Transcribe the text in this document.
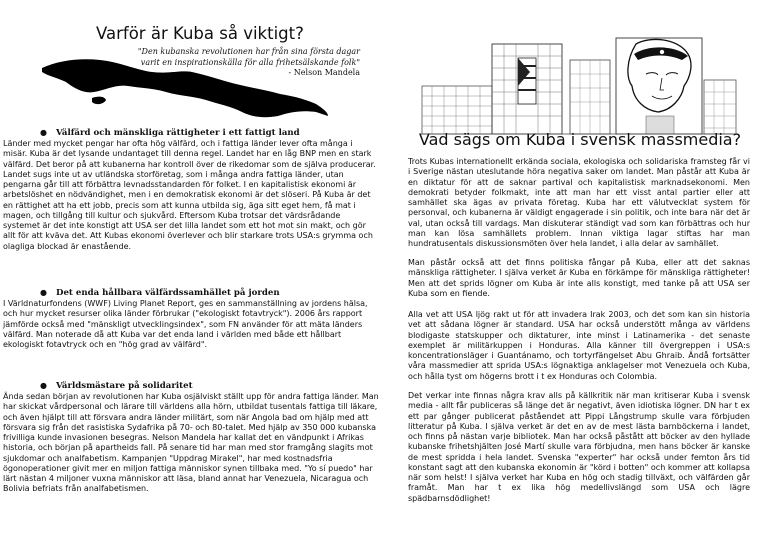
Varför är Kuba så viktigt?
"Den kubanska revolutionen har från sina första dagar varit en inspirationskälla för alla frihetsälskande folk"
- Nelson Mandela
● Välfärd och mänskliga rättigheter i ett fattigt land
Länder med mycket pengar har ofta hög välfärd, och i fattiga länder lever ofta många i misär. Kuba är det lysande undantaget till denna regel. Landet har en låg BNP men en stark välfärd. Det beror på att kubanerna har kontroll över de rikedomar som de själva producerar. Landet sugs inte ut av utländska storföretag, som i många andra fattiga länder, utan pengarna går till att förbättra levnadsstandarden för folket. I en kapitalistisk ekonomi är arbetslöshet en nödvändighet, men i en demokratisk ekonomi är det slöseri. På Kuba är det en rättighet att ha ett jobb, precis som att kunna utbilda sig, äga sitt eget hem, få mat i magen, och tillgång till kultur och sjukvård. Eftersom Kuba trotsar det värdsrådande systemet är det inte konstigt att USA ser det lilla landet som ett hot mot sin makt, och gör allt för att kväva det. Att Kubas ekonomi överlever och blir starkare trots USA:s grymma och olagliga blockad är enastående.
● Det enda hållbara välfärdssamhället på jorden
I Världnaturfondens (WWF) Living Planet Report, ges en sammanställning av jordens hälsa, och hur mycket resurser olika länder förbrukar ("ekologiskt fotavtryck"). 2006 års rapport jämförde också med "mänskligt utvecklingsindex", som FN använder för att mäta länders välfärd. Man noterade då att Kuba var det enda land i världen med både ett hållbart ekologiskt fotavtryck och en "hög grad av välfärd".
● Världsmästare på solidaritet
Ända sedan början av revolutionen har Kuba osjälviskt ställt upp för andra fattiga länder. Man har skickat vårdpersonal och lärare till världens alla hörn, utbildat tusentals fattiga till läkare, och även hjälpt till att försvara andra länder militärt, som när Angola bad om hjälp med att försvara sig från det rasistiska Sydafrika på 70- och 80-talet. Med hjälp av 350 000 kubanska frivilliga kunde invasionen besegras. Nelson Mandela har kallat det en vändpunkt i Afrikas historia, och början på apartheids fall. På senare tid har man med stor framgång slagits mot sjukdomar och analfabetism. Kampanjen "Uppdrag Mirakel", har med kostnadsfria ögonoperationer givit mer en miljon fattiga människor synen tillbaka med. "Yo sí puedo" har lärt nästan 4 miljoner vuxna människor att läsa, bland annat har Venezuela, Nicaragua och Bolivia befriats från analfabetismen.
Vad sägs om Kuba i svensk massmedia?
Trots Kubas internationellt erkända sociala, ekologiska och solidariska framsteg får vi i Sverige nästan uteslutande höra negativa saker om landet. Man påstår att Kuba är en diktatur för att de saknar partival och kapitalistisk marknadsekonomi. Men demokrati betyder folkmakt, inte att man har ett visst antal partier eller att samhället ska ägas av privata företag. Kuba har ett välutvecklat system för personval, och kubanerna är väldigt engagerade i sin politik, och inte bara när det är val, utan också till vardags. Man diskuterar ständigt vad som kan förbättras och hur man kan lösa samhällets problem. Innan viktiga lagar stiftas har man hundratusentals diskussionsmöten över hela landet, i alla delar av samhället.
Man påstår också att det finns politiska fångar på Kuba, eller att det saknas mänskliga rättigheter. I själva verket är Kuba en förkämpe för mänskliga rättigheter! Men att det sprids lögner om Kuba är inte alls konstigt, med tanke på att USA ser Kuba som en fiende.
Alla vet att USA ljög rakt ut för att invadera Irak 2003, och det som kan sin historia vet att sådana lögner är standard. USA har också understött många av världens blodigaste statskupper och diktaturer, inte minst i Latinamerika - det senaste exemplet är militärkuppen i Honduras. Alla känner till övergreppen i USA:s koncentrationsläger i Guantánamo, och tortyrfängelset Abu Ghraib. Ändå fortsätter våra massmedier att sprida USA:s lögnaktiga anklagelser mot Venezuela och Kuba, och hålla tyst om högerns brott i t ex Honduras och Colombia.
Det verkar inte finnas några krav alls på källkritik när man kritiserar Kuba i svensk media - allt får publiceras så länge det är negativt, även idiotiska lögner. DN har t ex ett par gånger publicerat påståendet att Pippi Långstrump skulle vara förbjuden litteratur på Kuba. I själva verket är det en av de mest lästa barnböckerna i landet, och finns på nästan varje bibliotek. Man har också påstått att böcker av den hyllade kubanske frihetshjälten José Martí skulle vara förbjudna, men hans böcker är kanske de mest spridda i hela landet. Svenska "experter" har också under femton års tid konstant sagt att den kubanska ekonomin är "körd i botten" och kommer att kollapsa när som helst! I själva verket har Kuba en hög och stadig tillväxt, och välfärden går framåt. Man har t ex lika hög medellivslängd som USA och lägre spädbarnsdödlighet!
